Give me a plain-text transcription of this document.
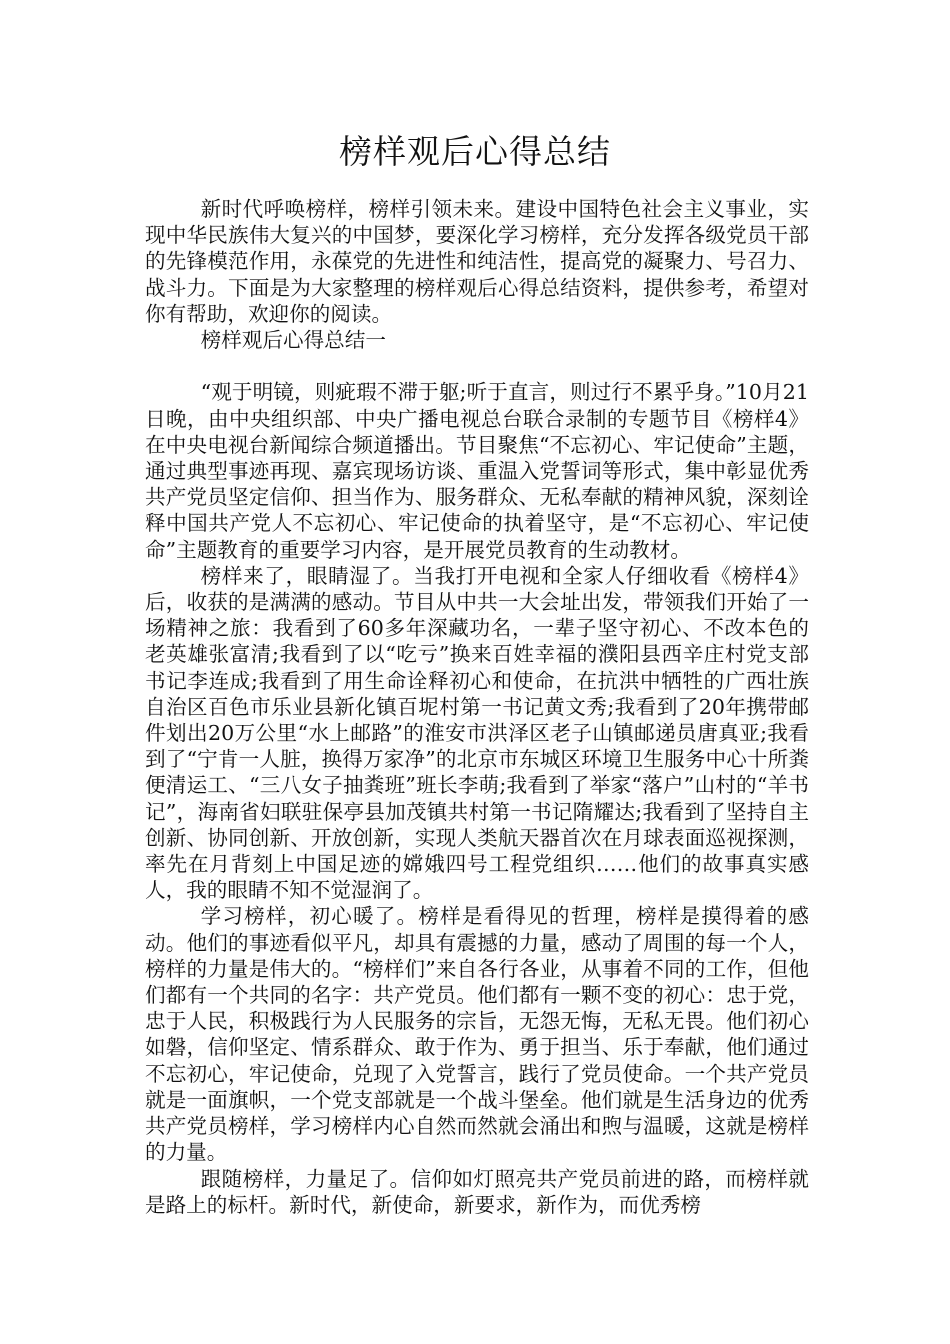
榜样观后心得总结

新时代呼唤榜样，榜样引领未来。建设中国特色社会主义事业，实现中华民族伟大复兴的中国梦，要深化学习榜样，充分发挥各级党员干部的先锋模范作用，永葆党的先进性和纯洁性，提高党的凝聚力、号召力、战斗力。下面是为大家整理的榜样观后心得总结资料，提供参考，希望对你有帮助，欢迎你的阅读。

榜样观后心得总结一

“观于明镜，则疵瑕不滞于躯;听于直言，则过行不累乎身。”10月21日晚，由中央组织部、中央广播电视总台联合录制的专题节目《榜样4》在中央电视台新闻综合频道播出。节目聚焦“不忘初心、牢记使命”主题，通过典型事迹再现、嘉宾现场访谈、重温入党誓词等形式，集中彰显优秀共产党员坚定信仰、担当作为、服务群众、无私奉献的精神风貌，深刻诠释中国共产党人不忘初心、牢记使命的执着坚守，是“不忘初心、牢记使命”主题教育的重要学习内容，是开展党员教育的生动教材。

榜样来了，眼睛湿了。当我打开电视和全家人仔细收看《榜样4》后，收获的是满满的感动。节目从中共一大会址出发，带领我们开始了一场精神之旅：我看到了60多年深藏功名，一辈子坚守初心、不改本色的老英雄张富清;我看到了以“吃亏”换来百姓幸福的濮阳县西辛庄村党支部书记李连成;我看到了用生命诠释初心和使命，在抗洪中牺牲的广西壮族自治区百色市乐业县新化镇百坭村第一书记黄文秀;我看到了20年携带邮件划出20万公里“水上邮路”的淮安市洪泽区老子山镇邮递员唐真亚;我看到了“宁肯一人脏，换得万家净”的北京市东城区环境卫生服务中心十所粪便清运工、“三八女子抽粪班”班长李萌;我看到了举家“落户”山村的“羊书记”，海南省妇联驻保亭县加茂镇共村第一书记隋耀达;我看到了坚持自主创新、协同创新、开放创新，实现人类航天器首次在月球表面巡视探测，率先在月背刻上中国足迹的嫦娥四号工程党组织……他们的故事真实感人，我的眼睛不知不觉湿润了。

学习榜样，初心暖了。榜样是看得见的哲理，榜样是摸得着的感动。他们的事迹看似平凡，却具有震撼的力量，感动了周围的每一个人，榜样的力量是伟大的。“榜样们”来自各行各业，从事着不同的工作，但他们都有一个共同的名字：共产党员。他们都有一颗不变的初心：忠于党，忠于人民，积极践行为人民服务的宗旨，无怨无悔，无私无畏。他们初心如磐，信仰坚定、情系群众、敢于作为、勇于担当、乐于奉献，他们通过不忘初心，牢记使命，兑现了入党誓言，践行了党员使命。一个共产党员就是一面旗帜，一个党支部就是一个战斗堡垒。他们就是生活身边的优秀共产党员榜样，学习榜样内心自然而然就会涌出和煦与温暖，这就是榜样的力量。

跟随榜样，力量足了。信仰如灯照亮共产党员前进的路，而榜样就是路上的标杆。新时代，新使命，新要求，新作为，而优秀榜
